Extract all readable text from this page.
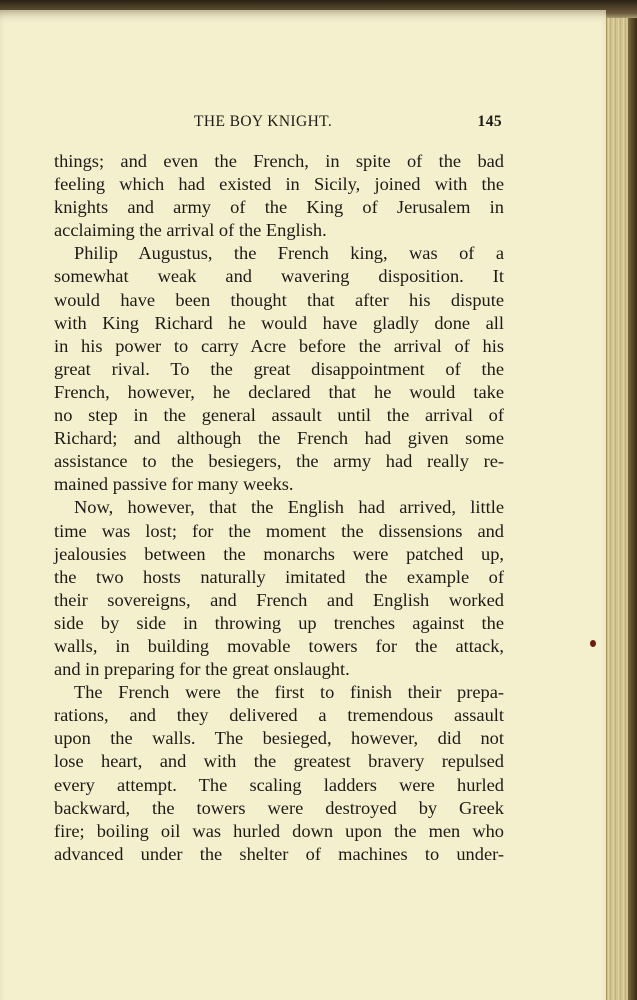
THE BOY KNIGHT.	145
things; and even the French, in spite of the bad
feeling which had existed in Sicily, joined with the
knights and army of the King of Jerusalem in
acclaiming the arrival of the English.
Philip Augustus, the French king, was of a
somewhat weak and wavering disposition. It
would have been thought that after his dispute
with King Richard he would have gladly done all
in his power to carry Acre before the arrival of his
great rival. To the great disappointment of the
French, however, he declared that he would take
no step in the general assault until the arrival of
Richard; and although the French had given some
assistance to the besiegers, the army had really re-
mained passive for many weeks.
Now, however, that the English had arrived, little
time was lost; for the moment the dissensions and
jealousies between the monarchs were patched up,
the two hosts naturally imitated the example of
their sovereigns, and French and English worked
side by side in throwing up trenches against the
walls, in building movable towers for the attack,
and in preparing for the great onslaught.
The French were the first to finish their prepa-
rations, and they delivered a tremendous assault
upon the walls. The besieged, however, did not
lose heart, and with the greatest bravery repulsed
every attempt. The scaling ladders were hurled
backward, the towers were destroyed by Greek
fire; boiling oil was hurled down upon the men who
advanced under the shelter of machines to under-
